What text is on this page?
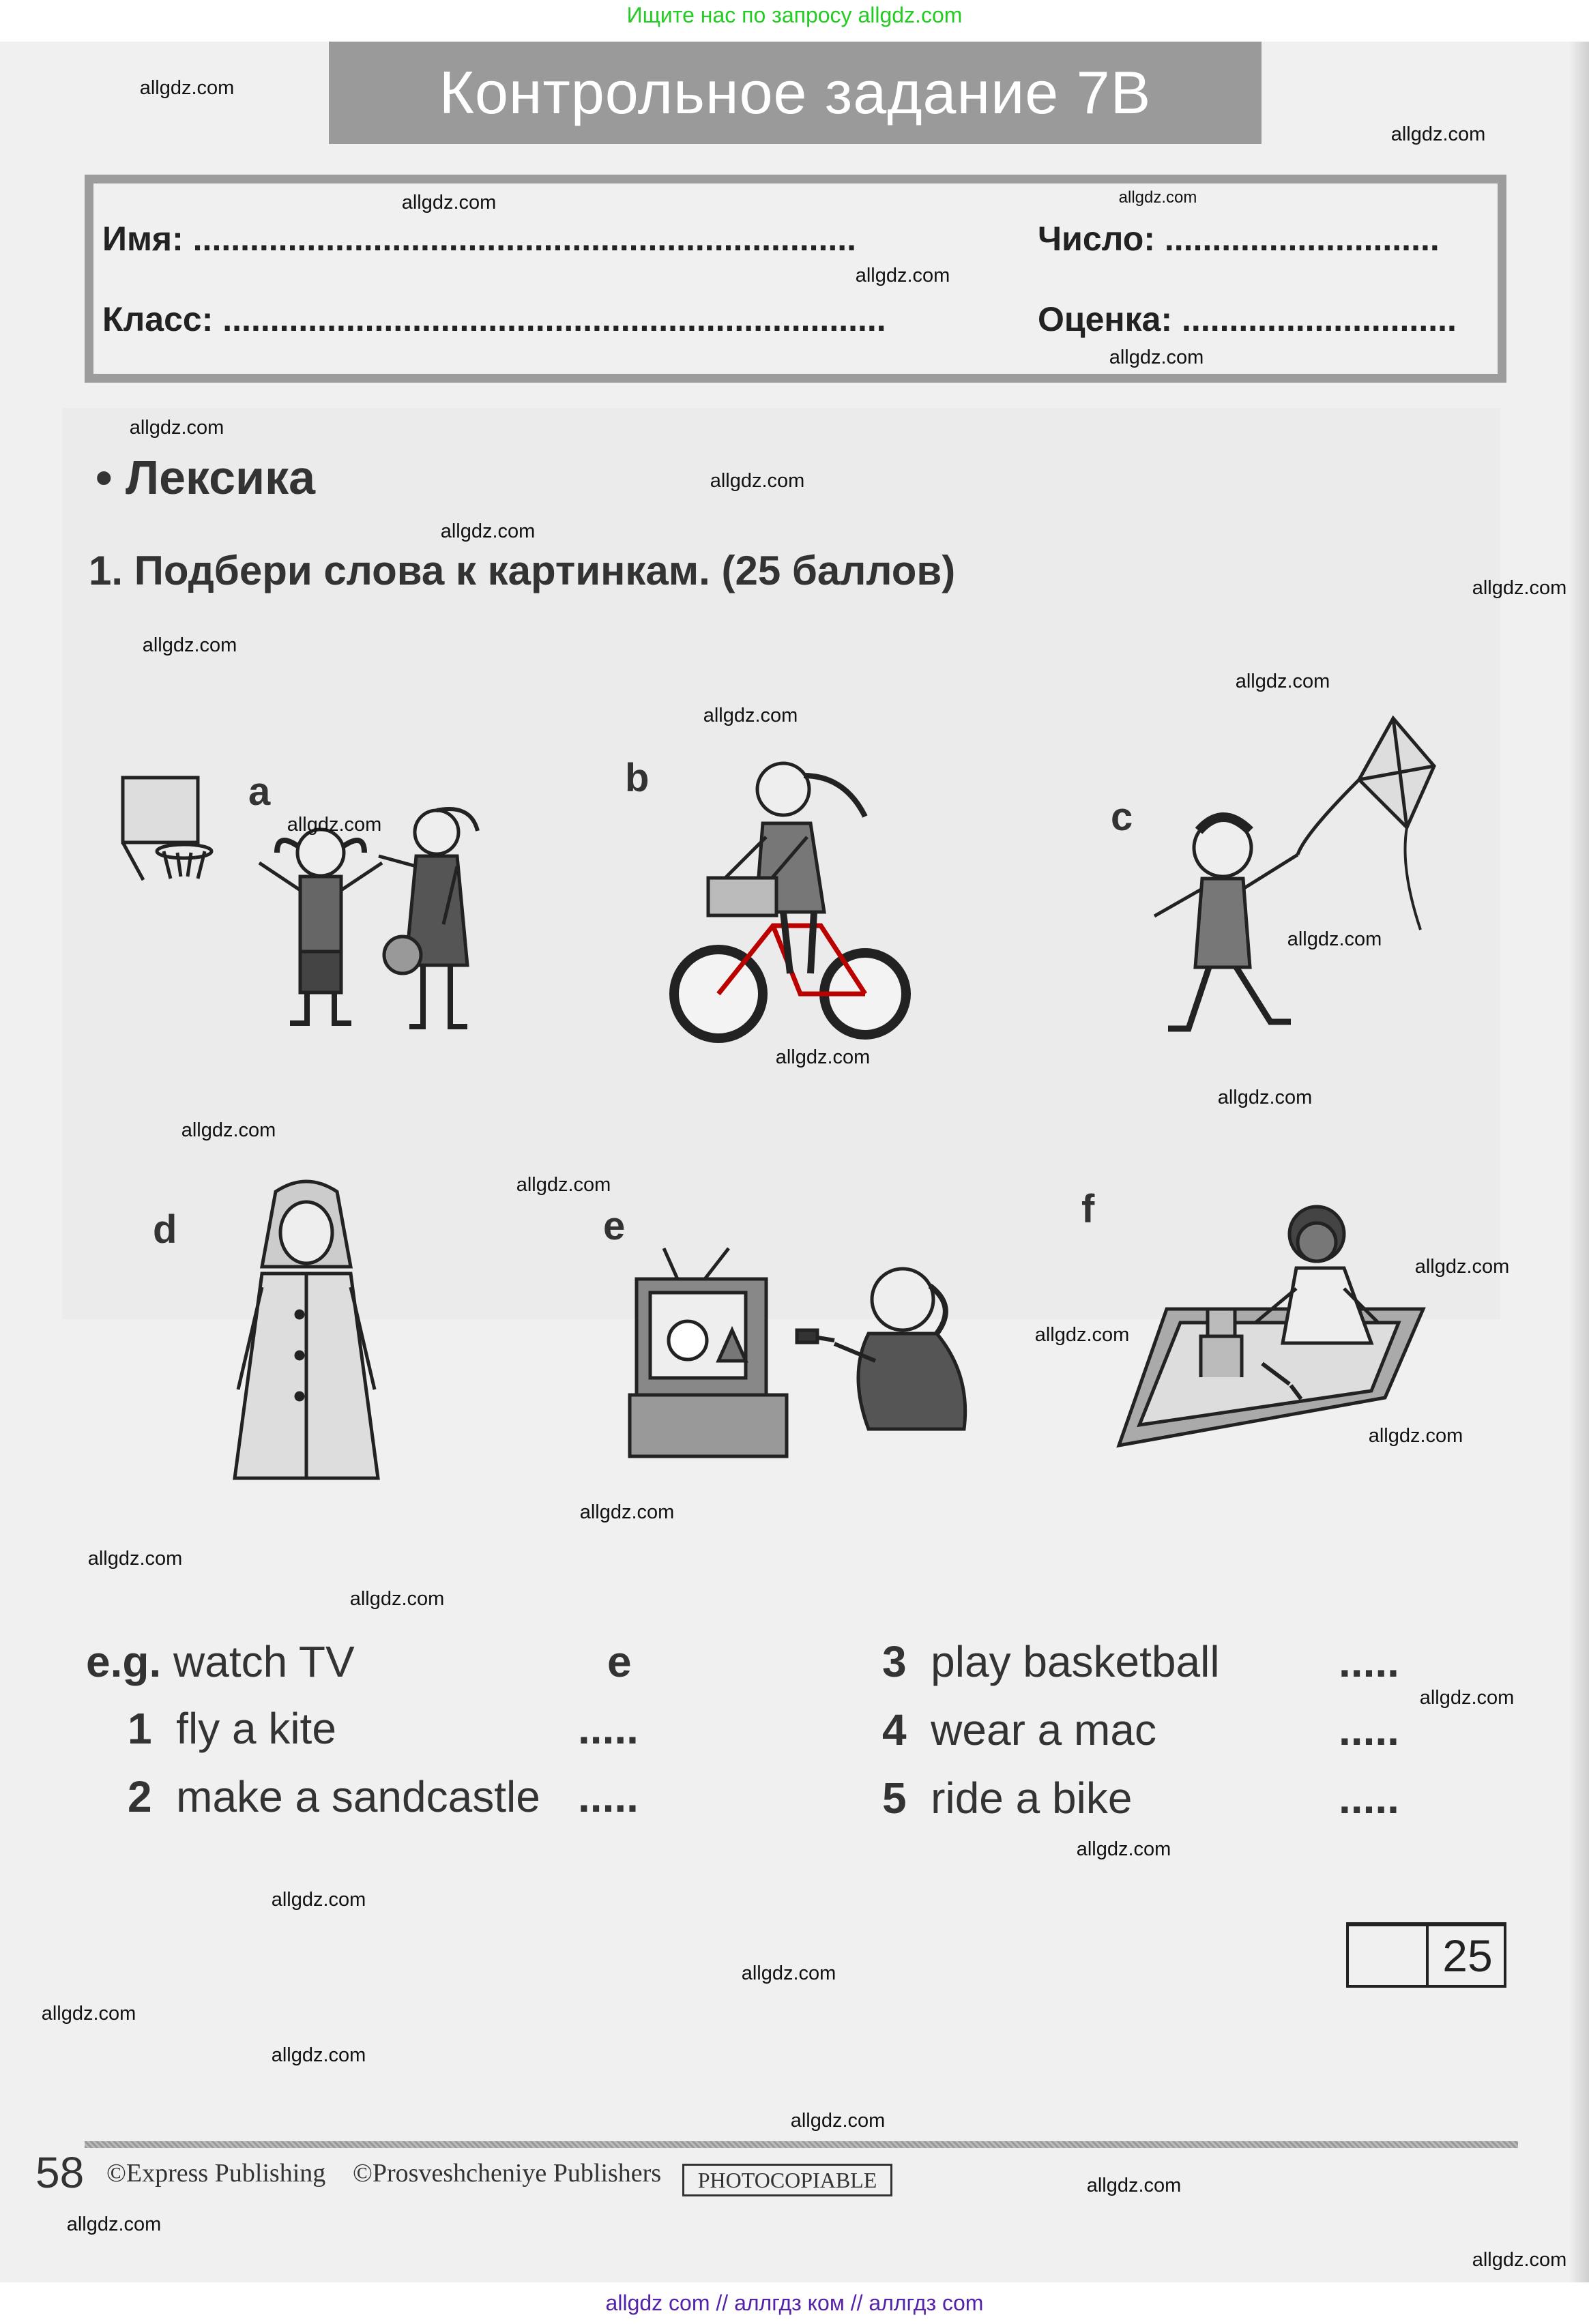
Ищите нас по запросу allgdz.com
Контрольное задание 7B
Имя: ......................................................................
Класс: ......................................................................
Число: .............................
Оценка: .............................
• Лексика
1. Подбери слова к картинкам. (25 баллов)
a	b
c
d	e	f
e.g. watch TV	e
1 fly a kite	.....
2 make a sandcastle .....
3 play basketball	.....
4 wear a mac	.....
5 ride a bike	.....
25
58 ©Express Publishing ©Prosveshcheniye Publishers	PHOTOCOPIABLE
allgdz com // аллгдз ком // аллгдз com
allgdz.com
allgdz.com
allgdz.com
allgdz.com
allgdz.com
allgdz.com
allgdz.com
allgdz.com
allgdz.com
allgdz.com
allgdz.com
allgdz.com
allgdz.com
allgdz.com
allgdz.com
allgdz.com
allgdz.com
allgdz.com
allgdz.com
allgdz.com
allgdz.com
allgdz.com
allgdz.com
allgdz.com
allgdz.com
allgdz.com
allgdz.com
allgdz.com
allgdz.com
allgdz.com
allgdz.com
allgdz.com
allgdz.com
allgdz.com
allgdz.com
